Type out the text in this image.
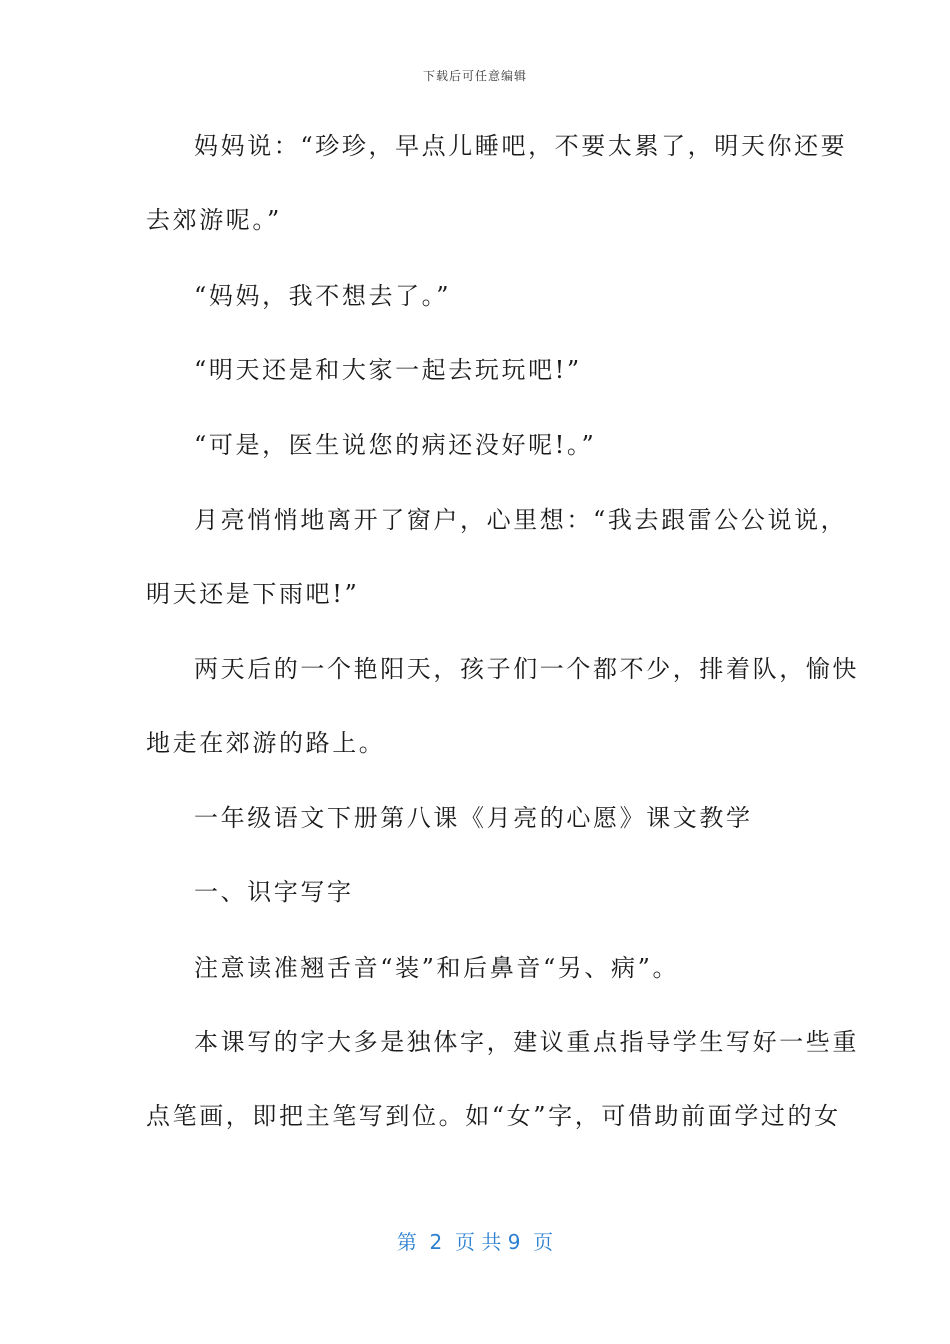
下载后可任意编辑
妈妈说：“珍珍，早点儿睡吧，不要太累了，明天你还要
去郊游呢。”
“妈妈，我不想去了。”
“明天还是和大家一起去玩玩吧!”
“可是，医生说您的病还没好呢!。”
月亮悄悄地离开了窗户，心里想：“我去跟雷公公说说，
明天还是下雨吧!”
两天后的一个艳阳天，孩子们一个都不少，排着队，愉快
地走在郊游的路上。
一年级语文下册第八课《月亮的心愿》课文教学
一、识字写字
注意读准翘舌音“装”和后鼻音“另、病”。
本课写的字大多是独体字，建议重点指导学生写好一些重
点笔画，即把主笔写到位。如“女”字，可借助前面学过的女
第  2  页 共 9  页
